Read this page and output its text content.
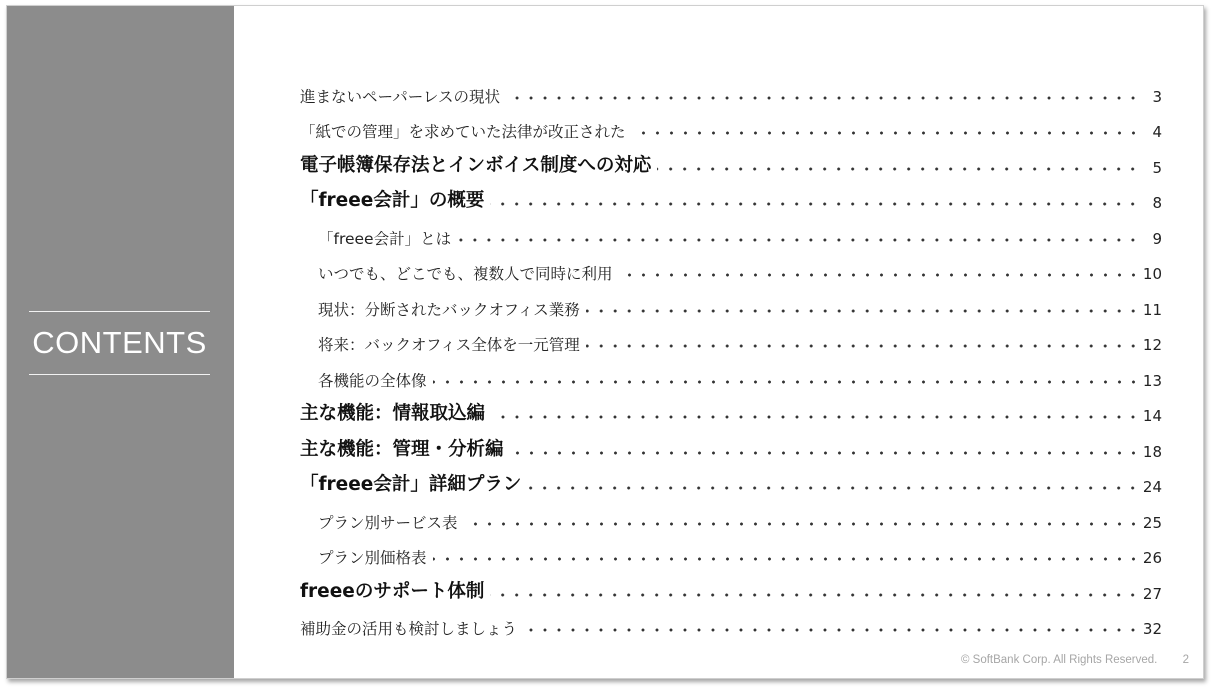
CONTENTS
進まないペーパーレスの現状	3
「紙での管理」を求めていた法律が改正された	4
電子帳簿保存法とインボイス制度への対応	5
「freee会計」の概要	8
「freee会計」とは	9
いつでも、どこでも、複数人で同時に利用	10
現状：分断されたバックオフィス業務	11
将来：バックオフィス全体を一元管理	12
各機能の全体像	13
主な機能：情報取込編	14
主な機能：管理・分析編	18
「freee会計」詳細プラン	24
プラン別サービス表	25
プラン別価格表	26
freeeのサポート体制	27
補助金の活用も検討しましょう	32
© SoftBank Corp. All Rights Reserved. 2
